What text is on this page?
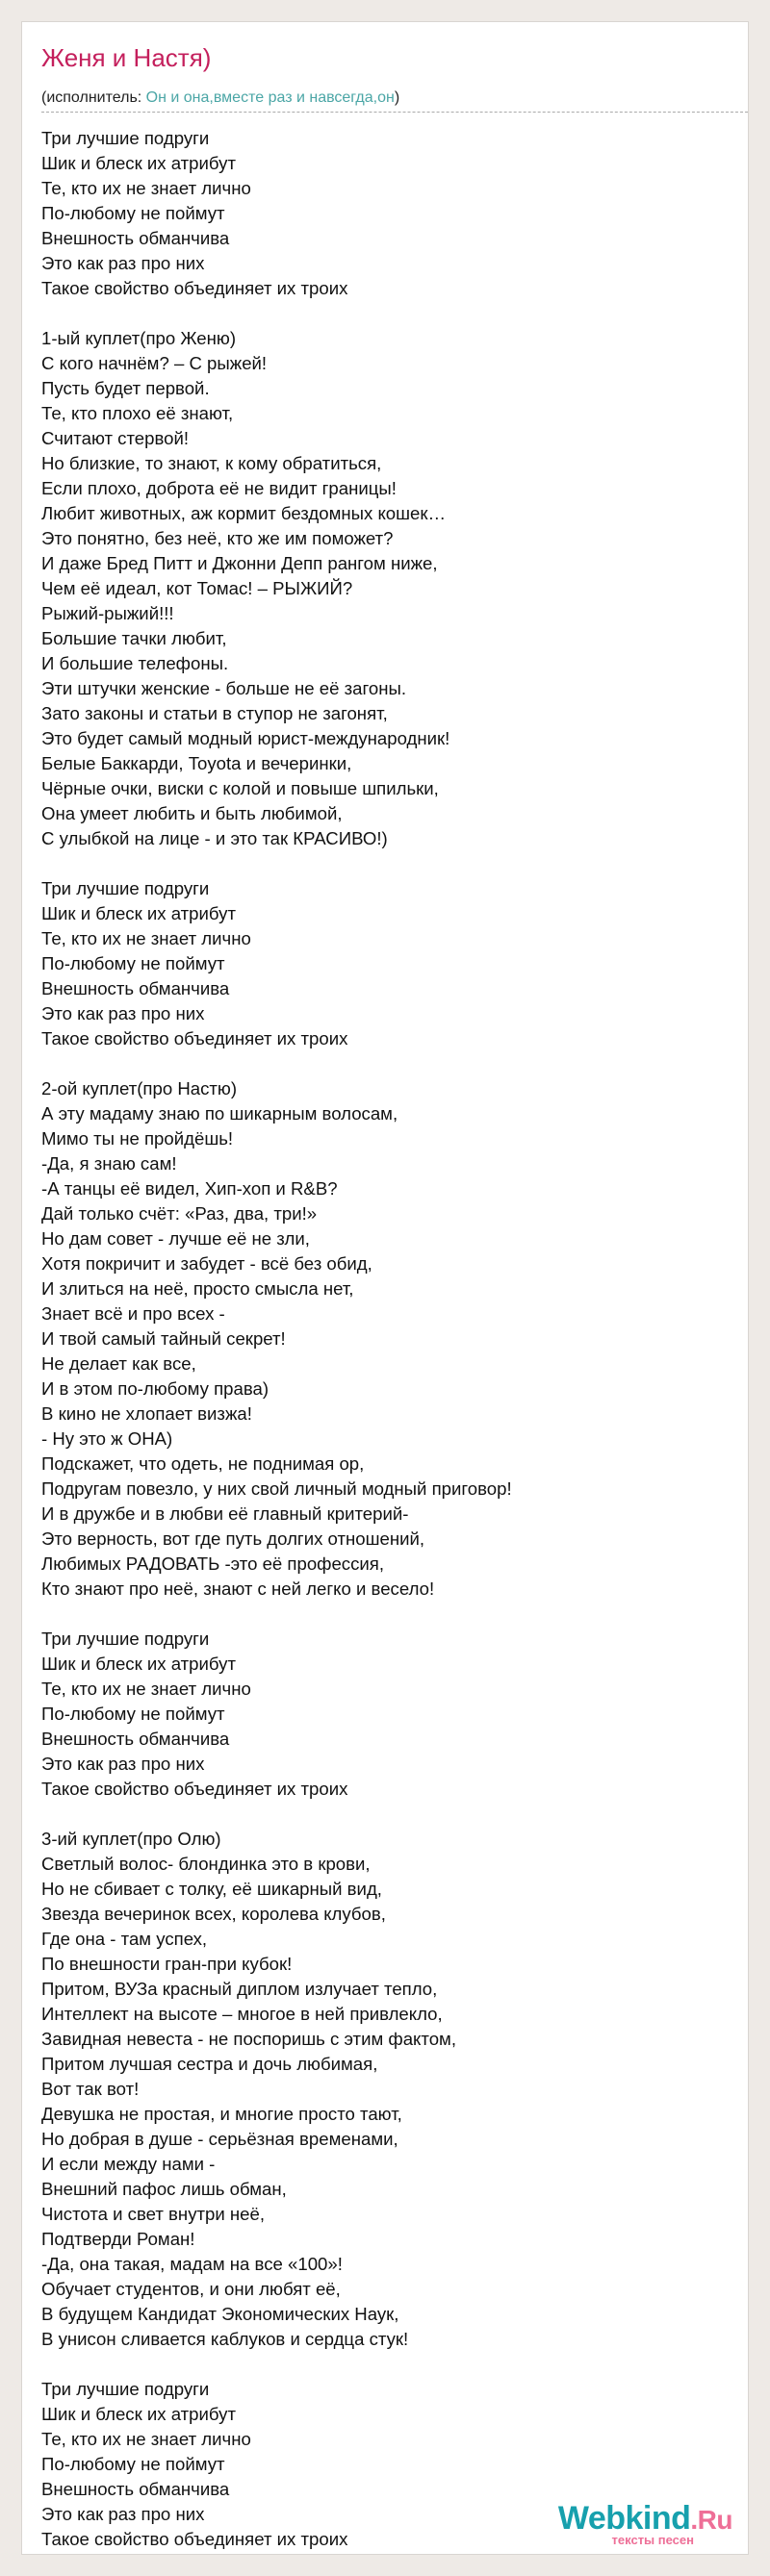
Женя и Настя)
(исполнитель: Он и она,вместе раз и навсегда,он)
Три лучшие подруги
Шик и блеск их атрибут
Те, кто их не знает лично
По-любому не поймут
Внешность обманчива
Это как раз про них
Такое свойство объединяет их троих
1-ый куплет(про Женю)
С кого начнём? – С рыжей!
Пусть будет первой.
Те, кто плохо её знают,
Считают стервой!
Но близкие, то знают, к кому обратиться,
Если плохо, доброта её не видит границы!
Любит животных, аж кормит бездомных кошек…
Это понятно, без неё, кто же им поможет?
И даже Бред Питт и Джонни Депп рангом ниже,
Чем её идеал, кот Томас! – РЫЖИЙ?
Рыжий-рыжий!!!
Большие тачки любит,
И большие телефоны.
Эти штучки женские - больше не её загоны.
Зато законы и статьи в ступор не загонят,
Это будет самый модный юрист-международник!
Белые Баккарди, Toyota и вечеринки,
Чёрные очки, виски с колой и повыше шпильки,
Она умеет любить и быть любимой,
С улыбкой на лице - и это так КРАСИВО!)
Три лучшие подруги
Шик и блеск их атрибут
Те, кто их не знает лично
По-любому не поймут
Внешность обманчива
Это как раз про них
Такое свойство объединяет их троих
2-ой куплет(про Настю)
А эту мадаму знаю по шикарным волосам,
Мимо ты не пройдёшь!
-Да, я знаю сам!
-А танцы её видел, Хип-хоп и R&B?
Дай только счёт: «Раз, два, три!»
Но дам совет - лучше её не зли,
Хотя покричит и забудет - всё без обид,
И злиться на неё, просто смысла нет,
Знает всё и про всех -
И твой самый тайный секрет!
Не делает как все,
И в этом по-любому права)
В кино не хлопает визжа!
- Ну это ж ОНА)
Подскажет, что одеть, не поднимая ор,
Подругам повезло, у них свой личный модный приговор!
И в дружбе и в любви её главный критерий-
Это верность, вот где путь долгих отношений,
Любимых РАДОВАТЬ -это её профессия,
Кто знают про неё, знают с ней легко и весело!
Три лучшие подруги
Шик и блеск их атрибут
Те, кто их не знает лично
По-любому не поймут
Внешность обманчива
Это как раз про них
Такое свойство объединяет их троих
3-ий куплет(про Олю)
Светлый волос- блондинка это в крови,
Но не сбивает с толку, её шикарный вид,
Звезда вечеринок всех, королева клубов,
Где она - там успех,
По внешности гран-при кубок!
Притом, ВУЗа красный диплом излучает тепло,
Интеллект на высоте – многое в ней привлекло,
Завидная невеста - не поспоришь с этим фактом,
Притом лучшая сестра и дочь любимая,
Вот так вот!
Девушка не простая, и многие просто тают,
Но добрая в душе - серьёзная временами,
И если между нами -
Внешний пафос лишь обман,
Чистота и свет внутри неё,
Подтверди Роман!
-Да, она такая, мадам на все «100»!
Обучает студентов, и они любят её,
В будущем Кандидат Экономических Наук,
В унисон сливается каблуков и сердца стук!
Три лучшие подруги
Шик и блеск их атрибут
Те, кто их не знает лично
По-любому не поймут
Внешность обманчива
Это как раз про них
Такое свойство объединяет их троих
Webkind.Ru
тексты песен
